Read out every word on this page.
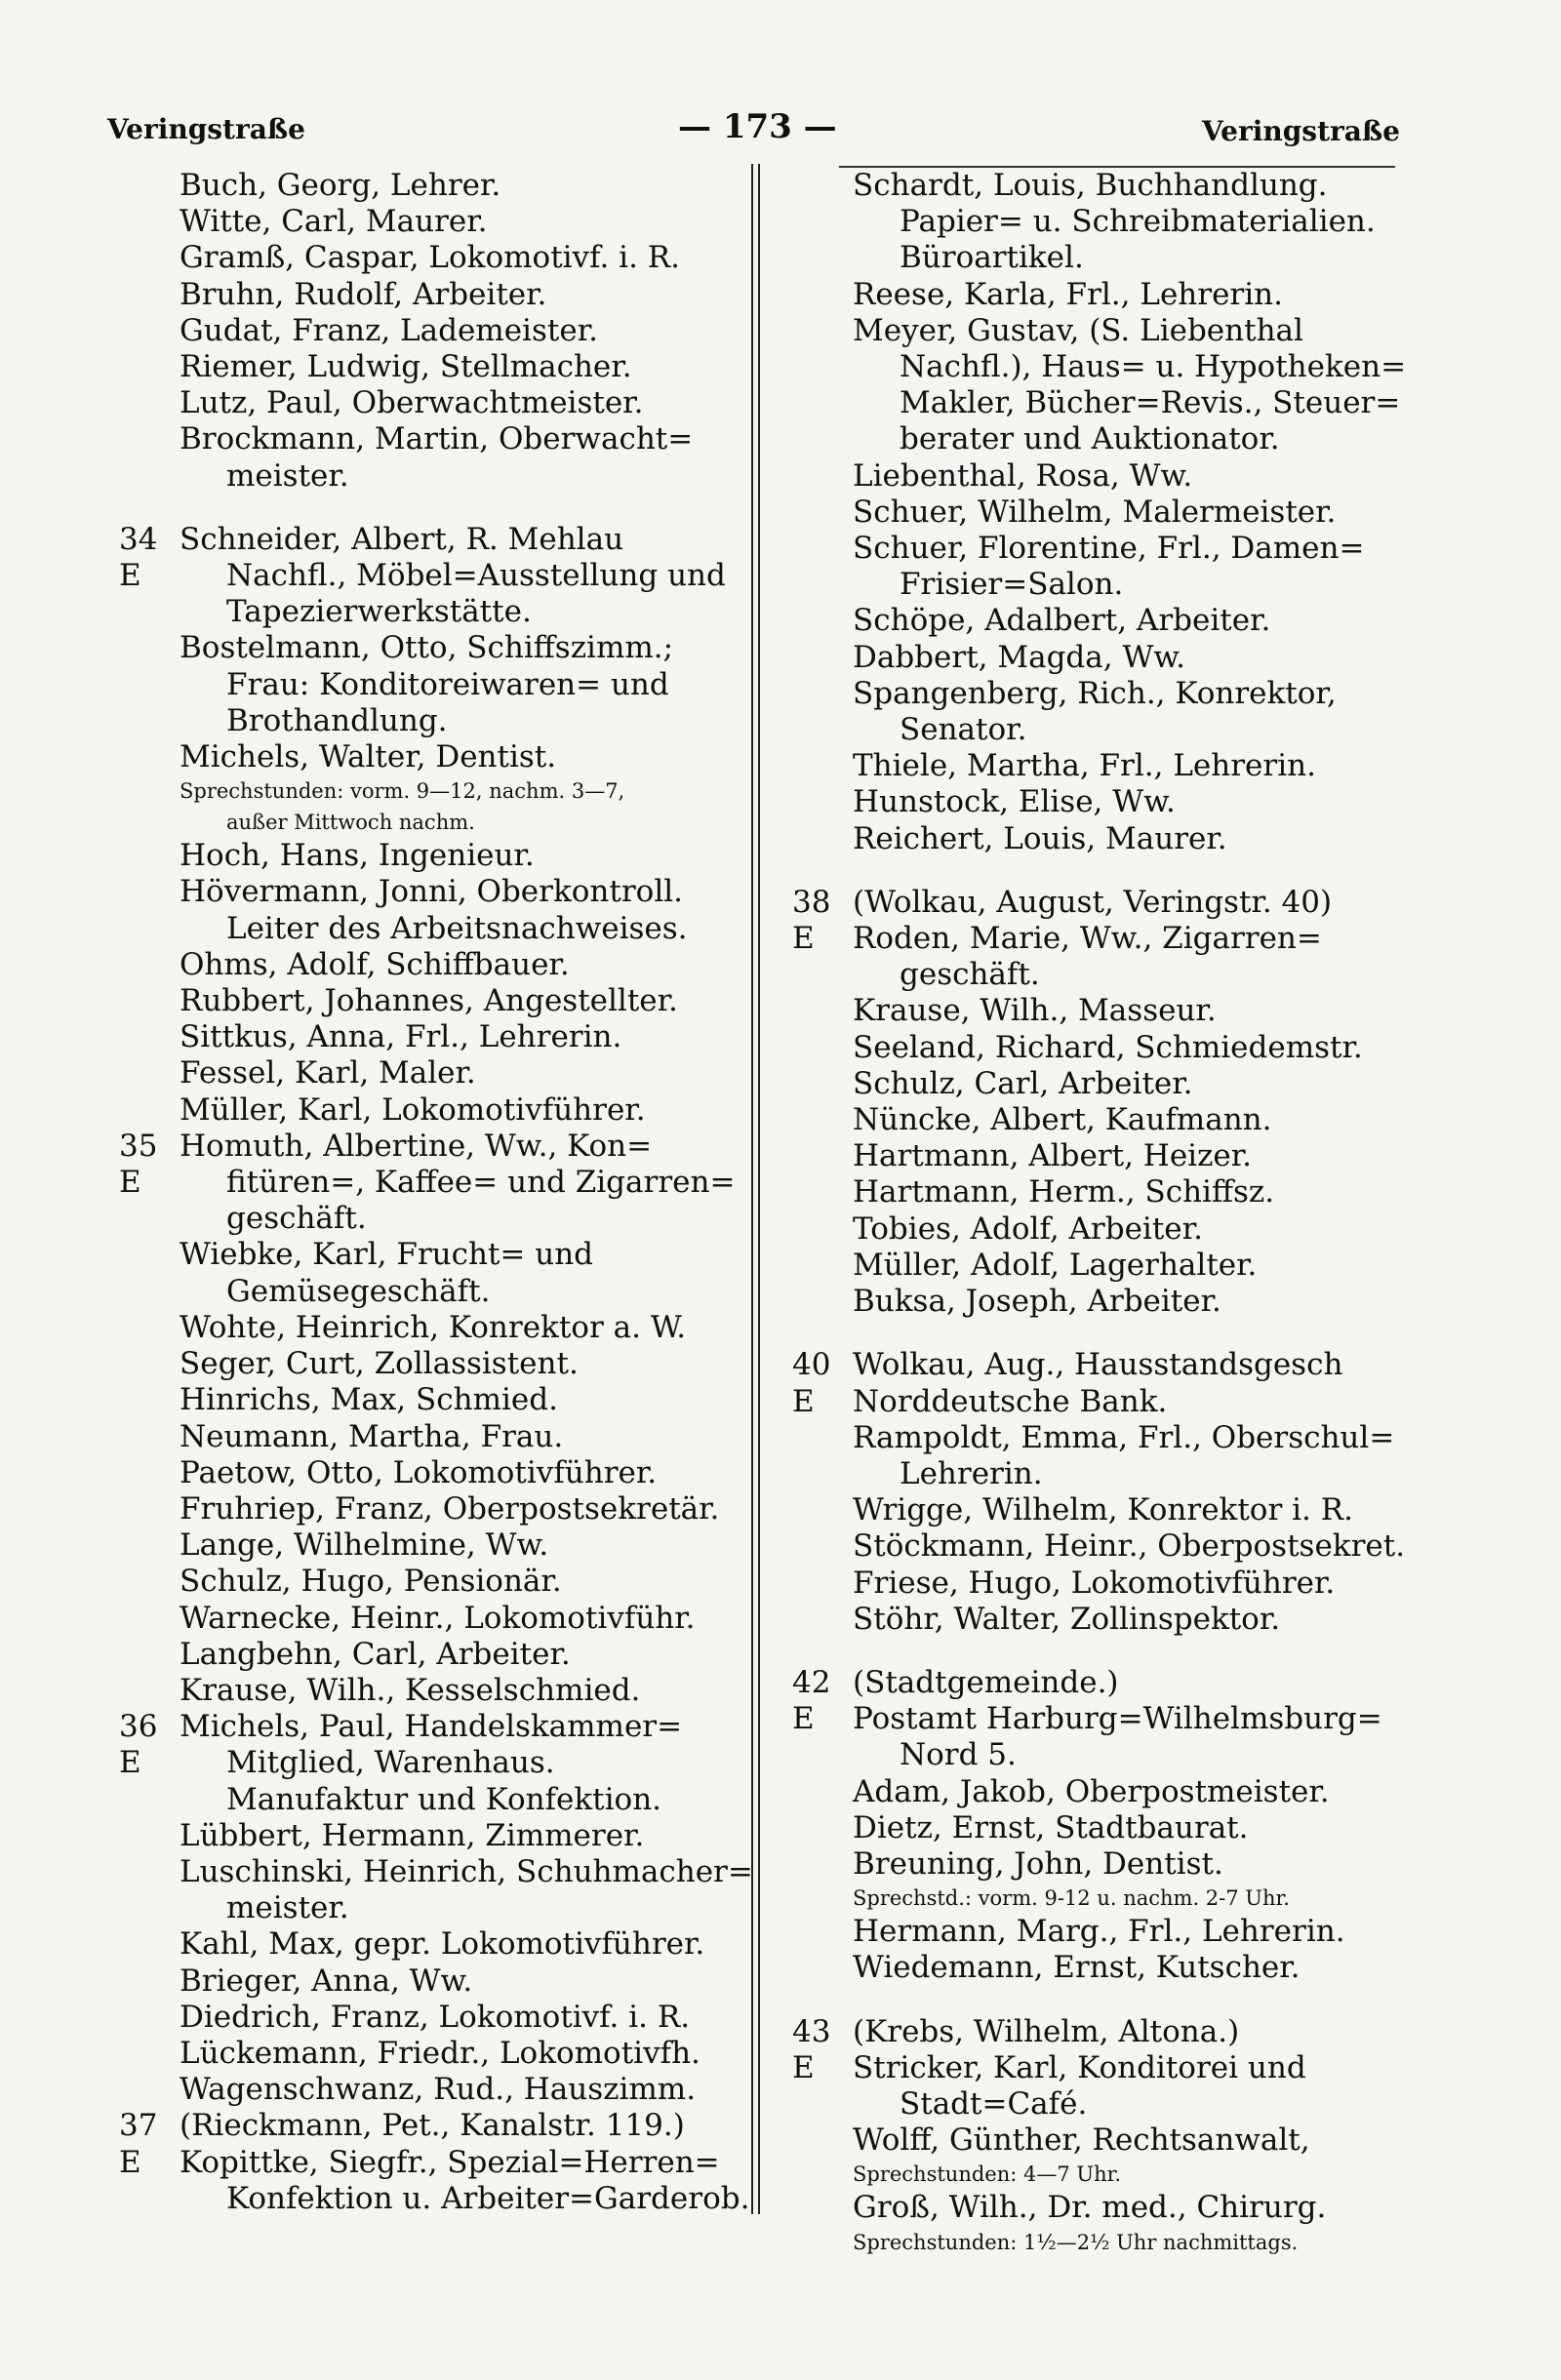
Veringstraße	— 173 —	Veringstraße
Buch, Georg, Lehrer.
Witte, Carl, Maurer.
Gramß, Caspar, Lokomotivf. i. R.
Bruhn, Rudolf, Arbeiter.
Gudat, Franz, Lademeister.
Riemer, Ludwig, Stellmacher.
Lutz, Paul, Oberwachtmeister.
Brockmann, Martin, Oberwacht=
meister.
34 E
Schneider, Albert, R. Mehlau
Nachfl., Möbel=Ausstellung und
Tapezierwerkstätte.
Bostelmann, Otto, Schiffszimm.;
Frau: Konditoreiwaren= und
Brothandlung.
Michels, Walter, Dentist.
Sprechstunden: vorm. 9—12, nachm. 3—7,
außer Mittwoch nachm.
Hoch, Hans, Ingenieur.
Hövermann, Jonni, Oberkontroll.
Leiter des Arbeitsnachweises.
Ohms, Adolf, Schiffbauer.
Rubbert, Johannes, Angestellter.
Sittkus, Anna, Frl., Lehrerin.
Fessel, Karl, Maler.
Müller, Karl, Lokomotivführer.
35 E
Homuth, Albertine, Ww., Kon=
fitüren=, Kaffee= und Zigarren=
geschäft.
Wiebke, Karl, Frucht= und
Gemüsegeschäft.
Wohte, Heinrich, Konrektor a. W.
Seger, Curt, Zollassistent.
Hinrichs, Max, Schmied.
Neumann, Martha, Frau.
Paetow, Otto, Lokomotivführer.
Fruhriep, Franz, Oberpostsekretär.
Lange, Wilhelmine, Ww.
Schulz, Hugo, Pensionär.
Warnecke, Heinr., Lokomotivführ.
Langbehn, Carl, Arbeiter.
Krause, Wilh., Kesselschmied.
36 E
Michels, Paul, Handelskammer=
Mitglied, Warenhaus.
Manufaktur und Konfektion.
Lübbert, Hermann, Zimmerer.
Luschinski, Heinrich, Schuhmacher=
meister.
Kahl, Max, gepr. Lokomotivführer.
Brieger, Anna, Ww.
Diedrich, Franz, Lokomotivf. i. R.
Lückemann, Friedr., Lokomotivfh.
Wagenschwanz, Rud., Hauszimm.
37 E
(Rieckmann, Pet., Kanalstr. 119.)
Kopittke, Siegfr., Spezial=Herren=
Konfektion u. Arbeiter=Garderob.
Schardt, Louis, Buchhandlung.
Papier= u. Schreibmaterialien.
Büroartikel.
Reese, Karla, Frl., Lehrerin.
Meyer, Gustav, (S. Liebenthal
Nachfl.), Haus= u. Hypotheken=
Makler, Bücher=Revis., Steuer=
berater und Auktionator.
Liebenthal, Rosa, Ww.
Schuer, Wilhelm, Malermeister.
Schuer, Florentine, Frl., Damen=
Frisier=Salon.
Schöpe, Adalbert, Arbeiter.
Dabbert, Magda, Ww.
Spangenberg, Rich., Konrektor,
Senator.
Thiele, Martha, Frl., Lehrerin.
Hunstock, Elise, Ww.
Reichert, Louis, Maurer.
38 E
(Wolkau, August, Veringstr. 40)
Roden, Marie, Ww., Zigarren=
geschäft.
Krause, Wilh., Masseur.
Seeland, Richard, Schmiedemstr.
Schulz, Carl, Arbeiter.
Nüncke, Albert, Kaufmann.
Hartmann, Albert, Heizer.
Hartmann, Herm., Schiffsz.
Tobies, Adolf, Arbeiter.
Müller, Adolf, Lagerhalter.
Buksa, Joseph, Arbeiter.
40 E
Wolkau, Aug., Hausstandsgesch
Norddeutsche Bank.
Rampoldt, Emma, Frl., Oberschul=
Lehrerin.
Wrigge, Wilhelm, Konrektor i. R.
Stöckmann, Heinr., Oberpostsekret.
Friese, Hugo, Lokomotivführer.
Stöhr, Walter, Zollinspektor.
42 E
(Stadtgemeinde.)
Postamt Harburg=Wilhelmsburg=
Nord 5.
Adam, Jakob, Oberpostmeister.
Dietz, Ernst, Stadtbaurat.
Breuning, John, Dentist.
Sprechstd.: vorm. 9-12 u. nachm. 2-7 Uhr.
Hermann, Marg., Frl., Lehrerin.
Wiedemann, Ernst, Kutscher.
43 E
(Krebs, Wilhelm, Altona.)
Stricker, Karl, Konditorei und
Stadt=Café.
Wolff, Günther, Rechtsanwalt,
Sprechstunden: 4—7 Uhr.
Groß, Wilh., Dr. med., Chirurg.
Sprechstunden: 1½—2½ Uhr nachmittags.
